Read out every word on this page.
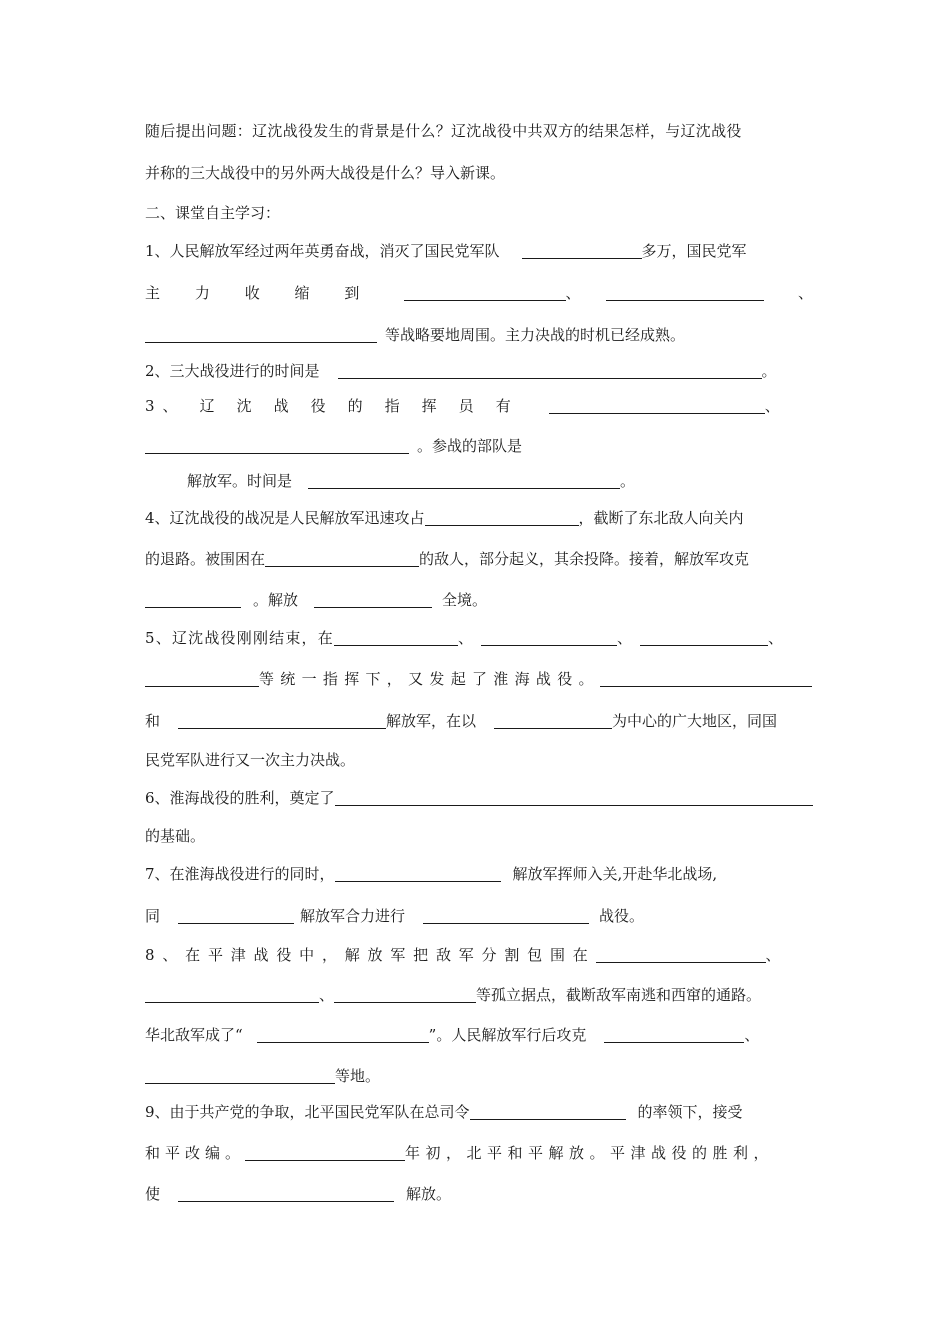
随后提出问题：辽沈战役发生的背景是什么？辽沈战役中共双方的结果怎样，与辽沈战役
并称的三大战役中的另外两大战役是什么？导入新课。
二、课堂自主学习：
1、人民解放军经过两年英勇奋战，消灭了国民党军队	多万，国民党军
主 力 收 缩 到	、	、
等战略要地周围。主力决战的时机已经成熟。
2、三大战役进行的时间是	。
3 、 辽 沈 战 役 的 指 挥 员 有	、
。参战的部队是
解放军。时间是	。
4、辽沈战役的战况是人民解放军迅速攻占	，截断了东北敌人向关内
的退路。被围困在	的敌人，部分起义，其余投降。接着，解放军攻克
。解放	全境。
5、辽沈战役刚刚结束，在	、	、	、
等统一指挥下，又发起了淮海战役。
和	解放军，在以	为中心的广大地区，同国
民党军队进行又一次主力决战。
6、淮海战役的胜利，奠定了
的基础。
7、在淮海战役进行的同时，	解放军挥师入关,开赴华北战场,
同	解放军合力进行	战役。
8、在平津战役中，解放军把敌军分割包围在	、
、	等孤立据点，截断敌军南逃和西窜的通路。
华北敌军成了“	”。人民解放军行后攻克	、
等地。
9、由于共产党的争取，北平国民党军队在总司令	的率领下，接受
和平改编。	年初，北平和平解放。平津战役的胜利，
使	解放。
